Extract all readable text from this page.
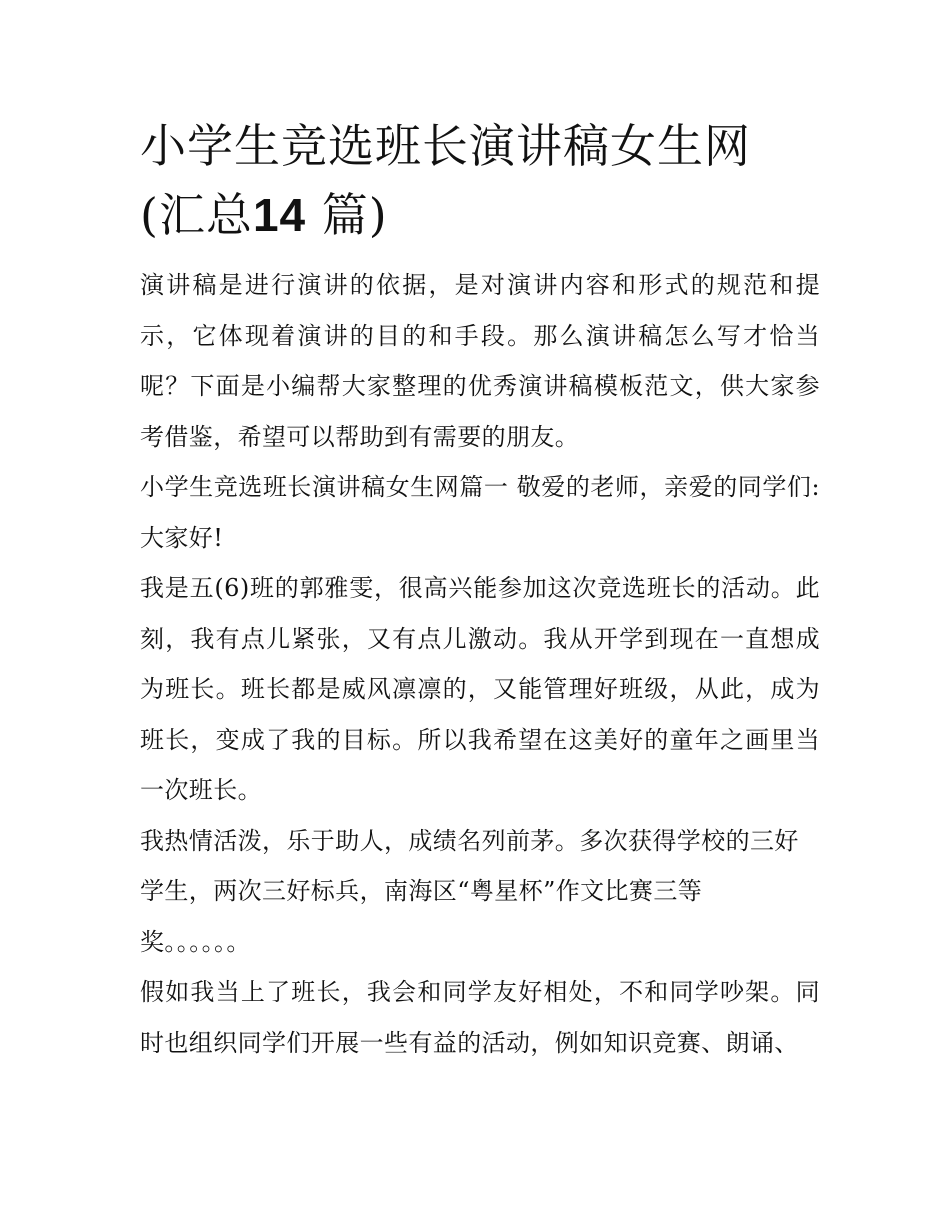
小学生竞选班长演讲稿女生网
(汇总14 篇)

演讲稿是进行演讲的依据，是对演讲内容和形式的规范和提示，它体现着演讲的目的和手段。那么演讲稿怎么写才恰当呢？下面是小编帮大家整理的优秀演讲稿模板范文，供大家参考借鉴，希望可以帮助到有需要的朋友。

小学生竞选班长演讲稿女生网篇一 敬爱的老师，亲爱的同学们: 大家好!

我是五(6)班的郭雅雯，很高兴能参加这次竞选班长的活动。此刻，我有点儿紧张，又有点儿激动。我从开学到现在一直想成为班长。班长都是威风凛凛的，又能管理好班级，从此，成为班长，变成了我的目标。所以我希望在这美好的童年之画里当一次班长。

我热情活泼，乐于助人，成绩名列前茅。多次获得学校的三好学生，两次三好标兵，南海区“粤星杯”作文比赛三等

奖。。。。。。

假如我当上了班长，我会和同学友好相处，不和同学吵架。同时也组织同学们开展一些有益的活动，例如知识竞赛、朗诵、
